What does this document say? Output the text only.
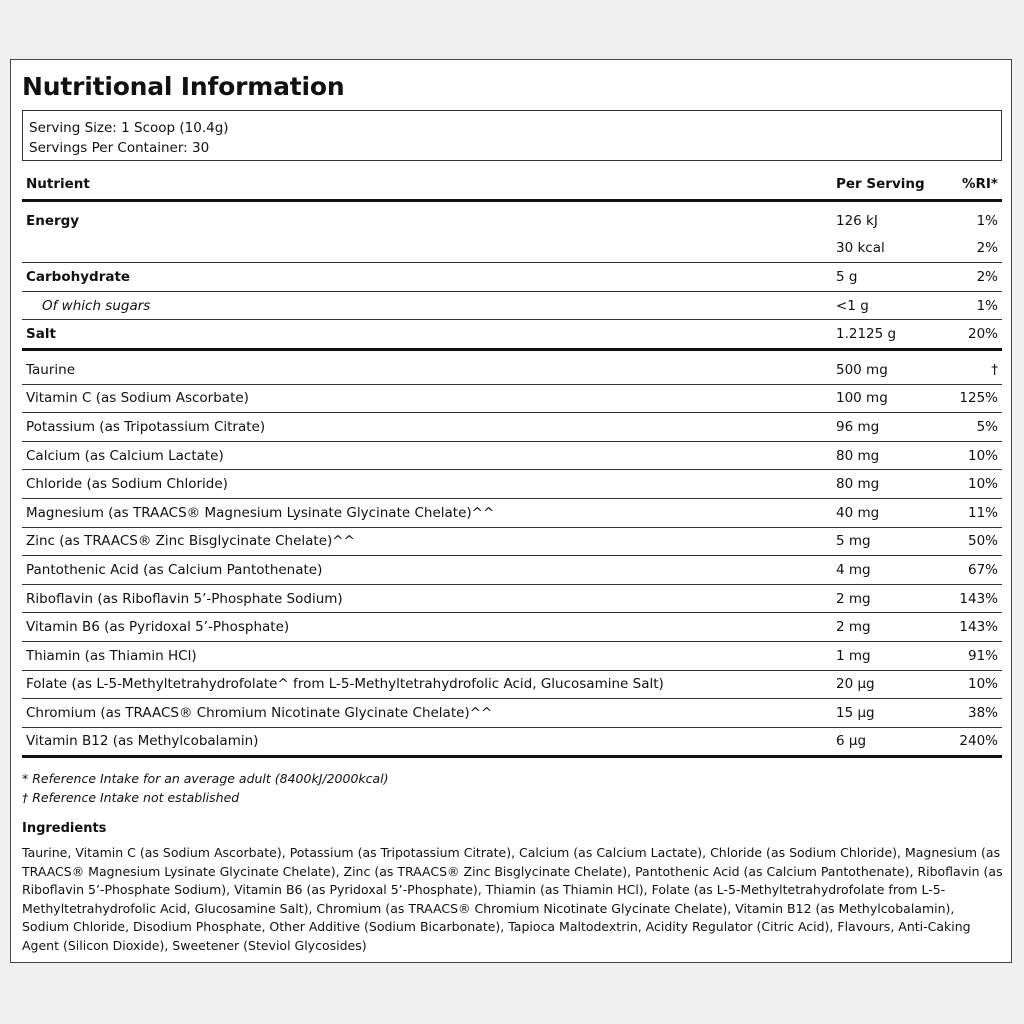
Nutritional Information
Serving Size: 1 Scoop (10.4g)
Servings Per Container: 30
Nutrient	Per Serving	%RI*
Energy	126 kJ	1%
	30 kcal	2%
Carbohydrate	5 g	2%
Of which sugars	<1 g	1%
Salt	1.2125 g	20%
Taurine	500 mg	†
Vitamin C (as Sodium Ascorbate)	100 mg	125%
Potassium (as Tripotassium Citrate)	96 mg	5%
Calcium (as Calcium Lactate)	80 mg	10%
Chloride (as Sodium Chloride)	80 mg	10%
Magnesium (as TRAACS® Magnesium Lysinate Glycinate Chelate)^^	40 mg	11%
Zinc (as TRAACS® Zinc Bisglycinate Chelate)^^	5 mg	50%
Pantothenic Acid (as Calcium Pantothenate)	4 mg	67%
Riboflavin (as Riboflavin 5’-Phosphate Sodium)	2 mg	143%
Vitamin B6 (as Pyridoxal 5’-Phosphate)	2 mg	143%
Thiamin (as Thiamin HCl)	1 mg	91%
Folate (as L-5-Methyltetrahydrofolate^ from L-5-Methyltetrahydrofolic Acid, Glucosamine Salt)	20 µg	10%
Chromium (as TRAACS® Chromium Nicotinate Glycinate Chelate)^^	15 µg	38%
Vitamin B12 (as Methylcobalamin)	6 µg	240%
* Reference Intake for an average adult (8400kJ/2000kcal)
† Reference Intake not established
Ingredients
Taurine, Vitamin C (as Sodium Ascorbate), Potassium (as Tripotassium Citrate), Calcium (as Calcium Lactate), Chloride (as Sodium Chloride), Magnesium (as TRAACS® Magnesium Lysinate Glycinate Chelate), Zinc (as TRAACS® Zinc Bisglycinate Chelate), Pantothenic Acid (as Calcium Pantothenate), Riboflavin (as Riboflavin 5’-Phosphate Sodium), Vitamin B6 (as Pyridoxal 5’-Phosphate), Thiamin (as Thiamin HCl), Folate (as L-5-Methyltetrahydrofolate from L-5-Methyltetrahydrofolic Acid, Glucosamine Salt), Chromium (as TRAACS® Chromium Nicotinate Glycinate Chelate), Vitamin B12 (as Methylcobalamin), Sodium Chloride, Disodium Phosphate, Other Additive (Sodium Bicarbonate), Tapioca Maltodextrin, Acidity Regulator (Citric Acid), Flavours, Anti-Caking Agent (Silicon Dioxide), Sweetener (Steviol Glycosides)
